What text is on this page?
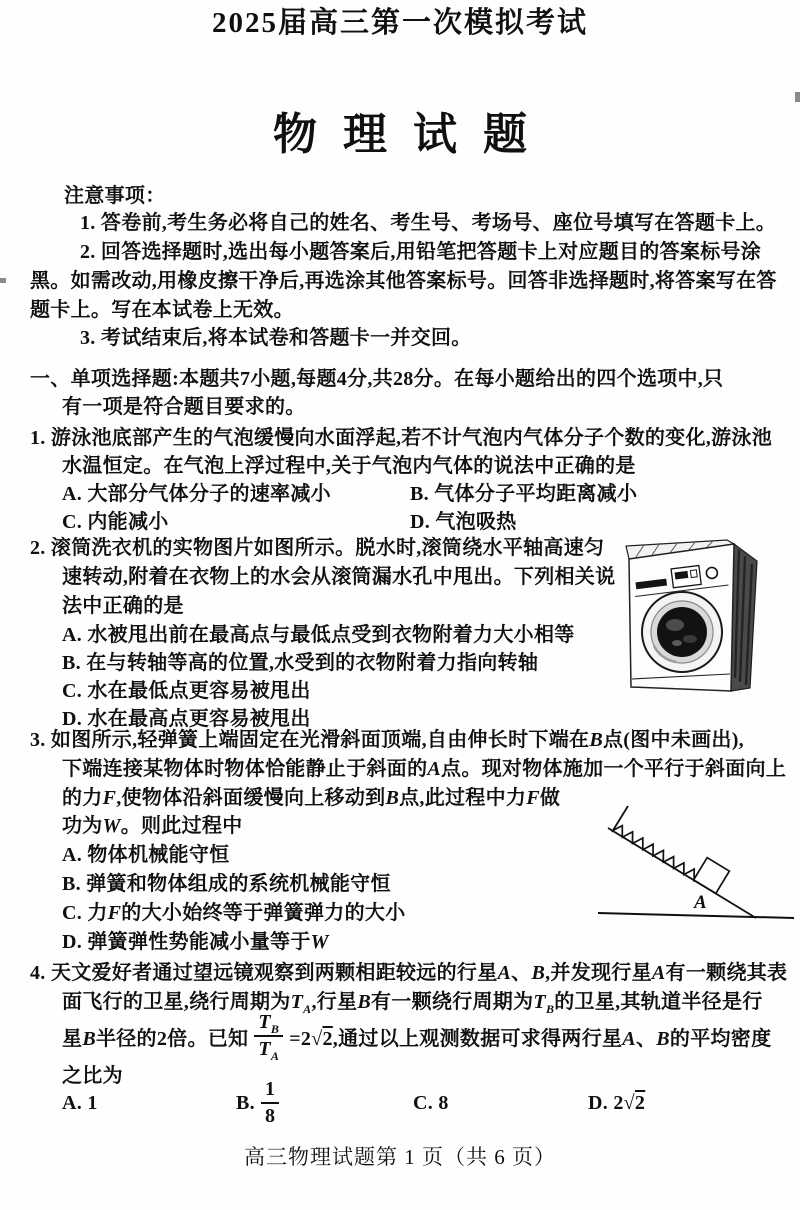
2025届高三第一次模拟考试
物理试题
注意事项：
1. 答卷前,考生务必将自己的姓名、考生号、考场号、座位号填写在答题卡上。
2. 回答选择题时,选出每小题答案后,用铅笔把答题卡上对应题目的答案标号涂
黑。如需改动,用橡皮擦干净后,再选涂其他答案标号。回答非选择题时,将答案写在答
题卡上。写在本试卷上无效。
3. 考试结束后,将本试卷和答题卡一并交回。
一、单项选择题:本题共7小题,每题4分,共28分。在每小题给出的四个选项中,只
有一项是符合题目要求的。
1. 游泳池底部产生的气泡缓慢向水面浮起,若不计气泡内气体分子个数的变化,游泳池
水温恒定。在气泡上浮过程中,关于气泡内气体的说法中正确的是
A. 大部分气体分子的速率减小	B. 气体分子平均距离减小
C. 内能减小	D. 气泡吸热
2. 滚筒洗衣机的实物图片如图所示。脱水时,滚筒绕水平轴高速匀
速转动,附着在衣物上的水会从滚筒漏水孔中甩出。下列相关说
法中正确的是
A. 水被甩出前在最高点与最低点受到衣物附着力大小相等
B. 在与转轴等高的位置,水受到的衣物附着力指向转轴
C. 水在最低点更容易被甩出
D. 水在最高点更容易被甩出
3. 如图所示,轻弹簧上端固定在光滑斜面顶端,自由伸长时下端在B点(图中未画出),
下端连接某物体时物体恰能静止于斜面的A点。现对物体施加一个平行于斜面向上
的力F,使物体沿斜面缓慢向上移动到B点,此过程中力F做
功为W。则此过程中
A. 物体机械能守恒
B. 弹簧和物体组成的系统机械能守恒
C. 力F的大小始终等于弹簧弹力的大小
D. 弹簧弹性势能减小量等于W
A
4. 天文爱好者通过望远镜观察到两颗相距较远的行星A、B,并发现行星A有一颗绕其表
面飞行的卫星,绕行周期为$T_A$,行星B有一颗绕行周期为$T_B$的卫星,其轨道半径是行
星B半径的2倍。已知 $\frac{T_B}{T_A} =2√2$,通过以上观测数据可求得两行星A、B的平均密度
之比为
A. 1	B. $\frac{1}{8}$	C. 8	D. 2√2
高三物理试题第 1 页（共 6 页）
